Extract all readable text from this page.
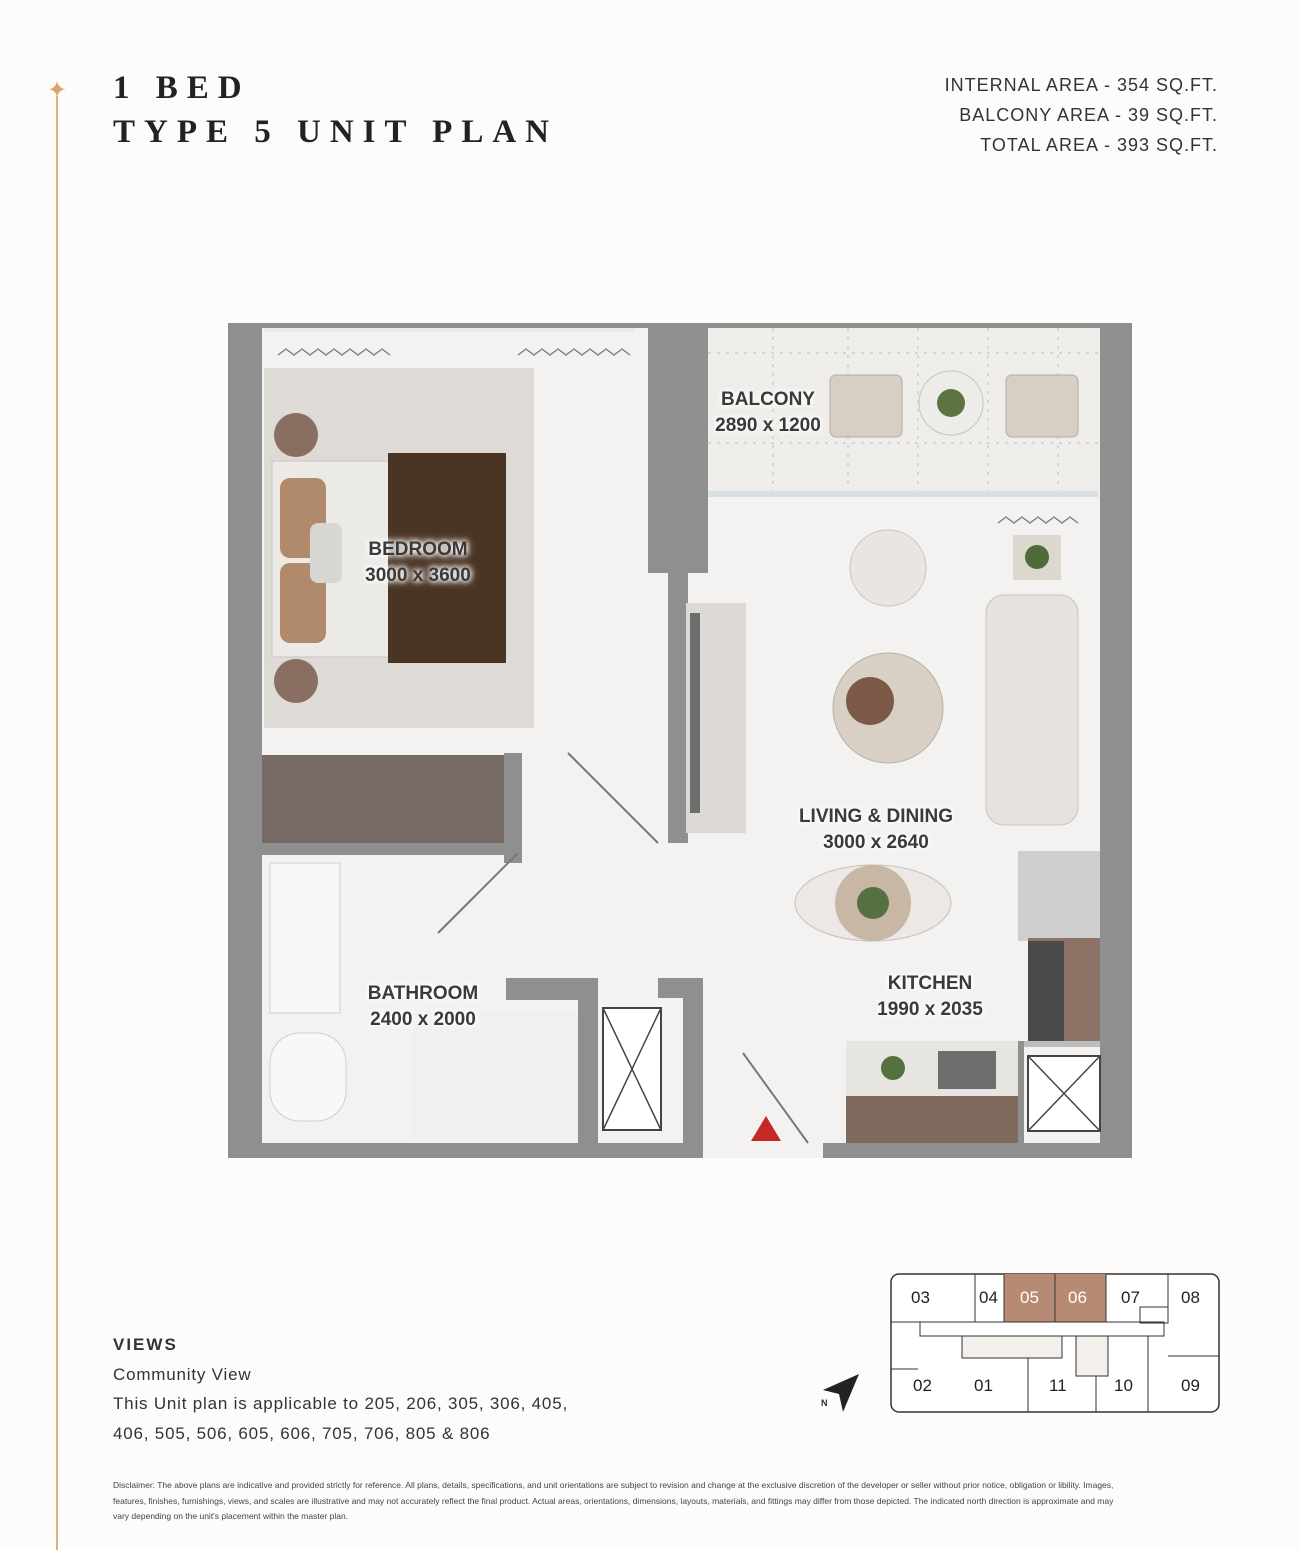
✦ 1 BED
TYPE 5 UNIT PLAN
INTERNAL AREA - 354 SQ.FT.
BALCONY AREA - 39 SQ.FT.
TOTAL AREA - 393 SQ.FT.
BALCONY
2890 x 1200
BEDROOM
3000 x 3600
LIVING & DINING
3000 x 2640
BATHROOM
2400 x 2000
KITCHEN
1990 x 2035
VIEWS
Community View
This Unit plan is applicable to 205, 206, 305, 306, 405,
406, 505, 506, 605, 606, 705, 706, 805 & 806
N
03	04 05 06 07 08
02 01	11	10	09
Disclaimer: The above plans are indicative and provided strictly for reference. All plans, details, specifications, and unit orientations are subject to revision and change at the exclusive discretion of the developer or seller without prior notice, obligation or libility. Images,
features, finishes, furnishings, views, and scales are illustrative and may not accurately reflect the final product. Actual areas, orientations, dimensions, layouts, materials, and fittings may differ from those depicted. The indicated north direction is approximate and may
vary depending on the unit's placement within the master plan.
